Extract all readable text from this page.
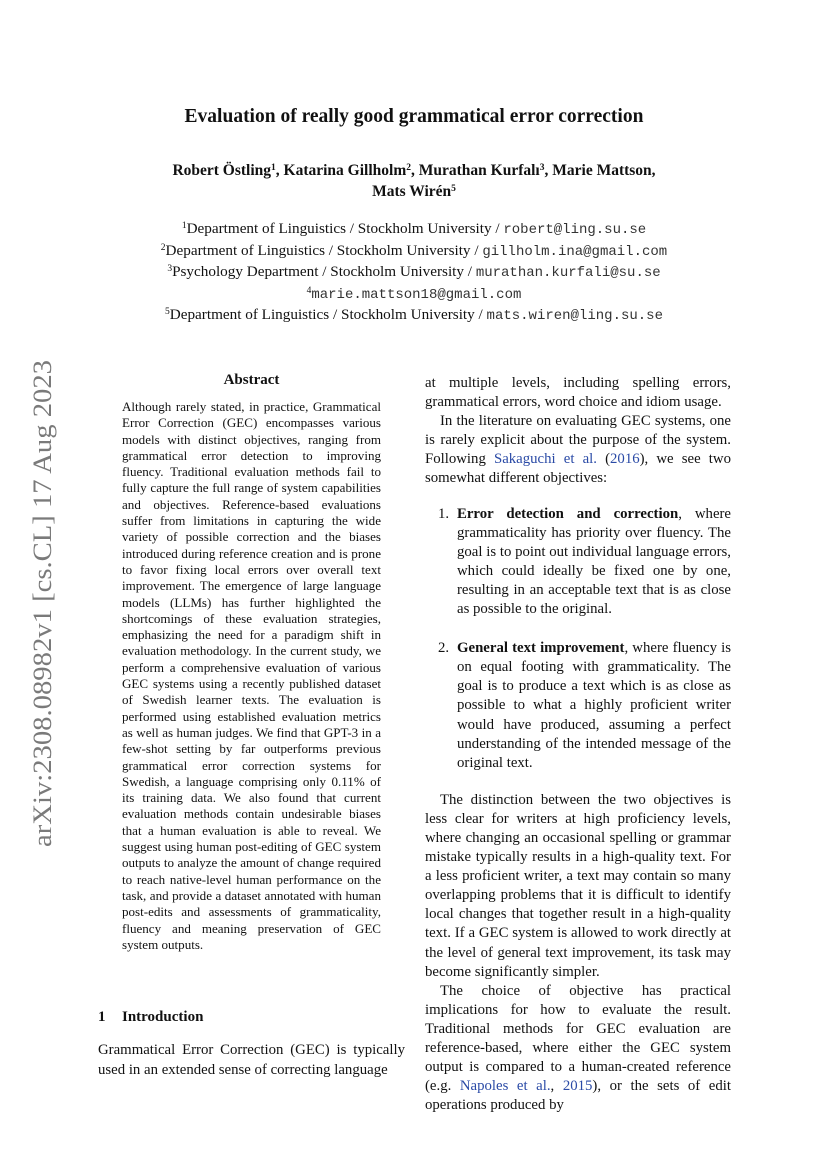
arXiv:2308.08982v1 [cs.CL] 17 Aug 2023
Evaluation of really good grammatical error correction
Robert Östling$^1$, Katarina Gillholm$^2$, Murathan Kurfalı$^3$, Marie Mattson,
Mats Wirén$^5$
$^1$Department of Linguistics / Stockholm University / robert@ling.su.se
$^2$Department of Linguistics / Stockholm University / gillholm.ina@gmail.com
$^3$Psychology Department / Stockholm University / murathan.kurfali@su.se
$^4$marie.mattson18@gmail.com
$^5$Department of Linguistics / Stockholm University / mats.wiren@ling.su.se
Abstract
Although rarely stated, in practice, Grammatical Error Correction (GEC) encompasses various models with distinct objectives, ranging from grammatical error detection to improving fluency. Traditional evaluation methods fail to fully capture the full range of system capabilities and objectives. Reference-based evaluations suffer from limitations in capturing the wide variety of possible correction and the biases introduced during reference creation and is prone to favor fixing local errors over overall text improvement. The emergence of large language models (LLMs) has further highlighted the shortcomings of these evaluation strategies, emphasizing the need for a paradigm shift in evaluation methodology. In the current study, we perform a comprehensive evaluation of various GEC systems using a recently published dataset of Swedish learner texts. The evaluation is performed using established evaluation metrics as well as human judges. We find that GPT-3 in a few-shot setting by far outperforms previous grammatical error correction systems for Swedish, a language comprising only 0.11% of its training data. We also found that current evaluation methods contain undesirable biases that a human evaluation is able to reveal. We suggest using human post-editing of GEC system outputs to analyze the amount of change required to reach native-level human performance on the task, and provide a dataset annotated with human post-edits and assessments of grammaticality, fluency and meaning preservation of GEC system outputs.
1 Introduction
Grammatical Error Correction (GEC) is typically used in an extended sense of correcting language

at multiple levels, including spelling errors, grammatical errors, word choice and idiom usage.

In the literature on evaluating GEC systems, one is rarely explicit about the purpose of the system. Following Sakaguchi et al. (2016), we see two somewhat different objectives:

1. Error detection and correction, where grammaticality has priority over fluency. The goal is to point out individual language errors, which could ideally be fixed one by one, resulting in an acceptable text that is as close as possible to the original.
2. General text improvement, where fluency is on equal footing with grammaticality. The goal is to produce a text which is as close as possible to what a highly proficient writer would have produced, assuming a perfect understanding of the intended message of the original text.

The distinction between the two objectives is less clear for writers at high proficiency levels, where changing an occasional spelling or grammar mistake typically results in a high-quality text. For a less proficient writer, a text may contain so many overlapping problems that it is difficult to identify local changes that together result in a high-quality text. If a GEC system is allowed to work directly at the level of general text improvement, its task may become significantly simpler.

The choice of objective has practical implications for how to evaluate the result. Traditional methods for GEC evaluation are reference-based, where either the GEC system output is compared to a human-created reference (e.g. Napoles et al., 2015), or the sets of edit operations produced by
